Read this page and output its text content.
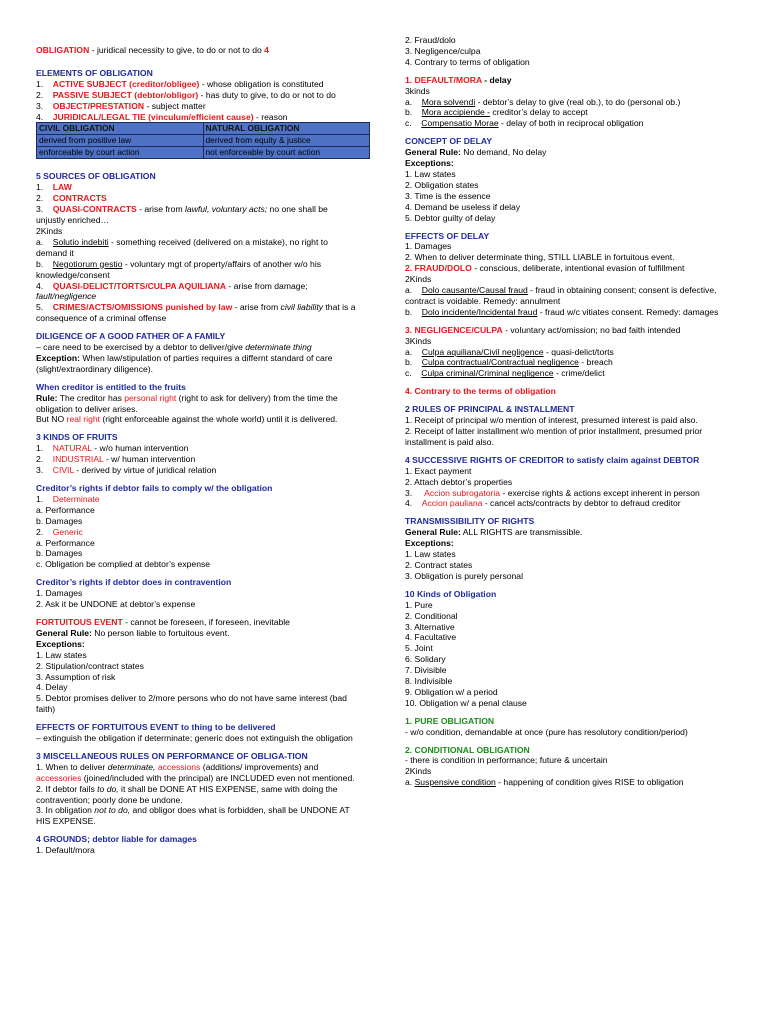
OBLIGATION - juridical necessity to give, to do or not to do 4
ELEMENTS OF OBLIGATION
1. ACTIVE SUBJECT (creditor/obligee) - whose obligation is constituted
2. PASSIVE SUBJECT (debtor/obligor) - has duty to give, to do or not to do
3. OBJECT/PRESTATION - subject matter
4. JURIDICAL/LEGAL TIE (vinculum/efficient cause) - reason
CIVIL OBLIGATION	NATURAL OBLIGATION
derived from positive law	derived from equity & justice
enforceable by court action	not enforceable by court action
5 SOURCES OF OBLIGATION
1. LAW
2. CONTRACTS
3. QUASI-CONTRACTS - arise from lawful, voluntary acts; no one shall be unjustly enriched…
2Kinds
a. Solutio indebiti - something received (delivered on a mistake), no right to demand it
b. Negotiorum gestio - voluntary mgt of property/affairs of another w/o his knowledge/consent
4. QUASI-DELICT/TORTS/CULPA AQUILIANA - arise from damage; fault/negligence
5. CRIMES/ACTS/OMISSIONS punished by law - arise from civil liability that is a consequence of a criminal offense
DILIGENCE OF A GOOD FATHER OF A FAMILY
– care need to be exercised by a debtor to deliver/give determinate thing
Exception: When law/stipulation of parties requires a differnt standard of care (slight/extraordinary diligence).
When creditor is entitled to the fruits
Rule: The creditor has personal right (right to ask for delivery) from the time the obligation to deliver arises.
But NO real right (right enforceable against the whole world) until it is delivered.
3 KINDS OF FRUITS
1. NATURAL - w/o human intervention
2. INDUSTRIAL - w/ human intervention
3. CIVIL - derived by virtue of juridical relation
Creditor’s rights if debtor fails to comply w/ the obligation
1. Determinate
a. Performance
b. Damages
2. Generic
a. Performance
b. Damages
c. Obligation be complied at debtor’s expense
Creditor’s rights if debtor does in contravention
1. Damages
2. Ask it be UNDONE at debtor’s expense
FORTUITOUS EVENT - cannot be foreseen, if foreseen, inevitable
General Rule: No person liable to fortuitous event.
Exceptions:
1. Law states
2. Stipulation/contract states
3. Assumption of risk
4. Delay
5. Debtor promises deliver to 2/more persons who do not have same interest (bad faith)
EFFECTS OF FORTUITOUS EVENT to thing to be delivered
– extinguish the obligation if determinate; generic does not extinguish the obligation
3 MISCELLANEOUS RULES ON PERFORMANCE OF OBLIGA-TION
1. When to deliver determinate, accessions (additions/ improvements) and accessories (joined/included with the principal) are INCLUDED even not mentioned.
2. If debtor fails to do, it shall be DONE AT HIS EXPENSE, same with doing the contravention; poorly done be undone.
3. In obligation not to do, and obligor does what is forbidden, shall be UNDONE AT HIS EXPENSE.
4 GROUNDS; debtor liable for damages
1. Default/mora
2. Fraud/dolo
3. Negligence/culpa
4. Contrary to terms of obligation
1. DEFAULT/MORA - delay
3kinds
a. Mora solvendi - debtor’s delay to give (real ob.), to do (personal ob.)
b. Mora accipiende - creditor’s delay to accept
c. Compensatio Morae - delay of both in reciprocal obligation
CONCEPT OF DELAY
General Rule: No demand, No delay
Exceptions:
1. Law states
2. Obligation states
3. Time is the essence
4. Demand be useless if delay
5. Debtor guilty of delay
EFFECTS OF DELAY
1. Damages
2. When to deliver determinate thing, STILL LIABLE in fortuitous event.
2. FRAUD/DOLO - conscious, deliberate, intentional evasion of fulfillment
2Kinds
a. Dolo causante/Causal fraud - fraud in obtaining consent; consent is defective, contract is voidable. Remedy: annulment
b. Dolo incidente/Incidental fraud - fraud w/c vitiates consent. Remedy: damages
3. NEGLIGENCE/CULPA - voluntary act/omission; no bad faith intended
3Kinds
a. Culpa aquiliana/Civil negligence - quasi-delict/torts
b. Culpa contractual/Contractual negligence - breach
c. Culpa criminal/Criminal negligence - crime/delict
4. Contrary to the terms of obligation
2 RULES OF PRINCIPAL & INSTALLMENT
1. Receipt of principal w/o mention of interest, presumed interest is paid also.
2. Receipt of latter installment w/o mention of prior installment, presumed prior installment is paid also.
4 SUCCESSIVE RIGHTS OF CREDITOR to satisfy claim against DEBTOR
1. Exact payment
2. Attach debtor’s properties
3. Accion subrogatoria - exercise rights & actions except inherent in person
4. Accion pauliana - cancel acts/contracts by debtor to defraud creditor
TRANSMISSIBILITY OF RIGHTS
General Rule: ALL RIGHTS are transmissible.
Exceptions:
1. Law states
2. Contract states
3. Obligation is purely personal
10 Kinds of Obligation
1. Pure
2. Conditional
3. Alternative
4. Facultative
5. Joint
6. Solidary
7. Divisible
8. Indivisible
9. Obligation w/ a period
10. Obligation w/ a penal clause
1. PURE OBLIGATION
- w/o condition, demandable at once (pure has resolutory condition/period)
2. CONDITIONAL OBLIGATION
- there is condition in performance; future & uncertain
2Kinds
a. Suspensive condition - happening of condition gives RISE to obligation
